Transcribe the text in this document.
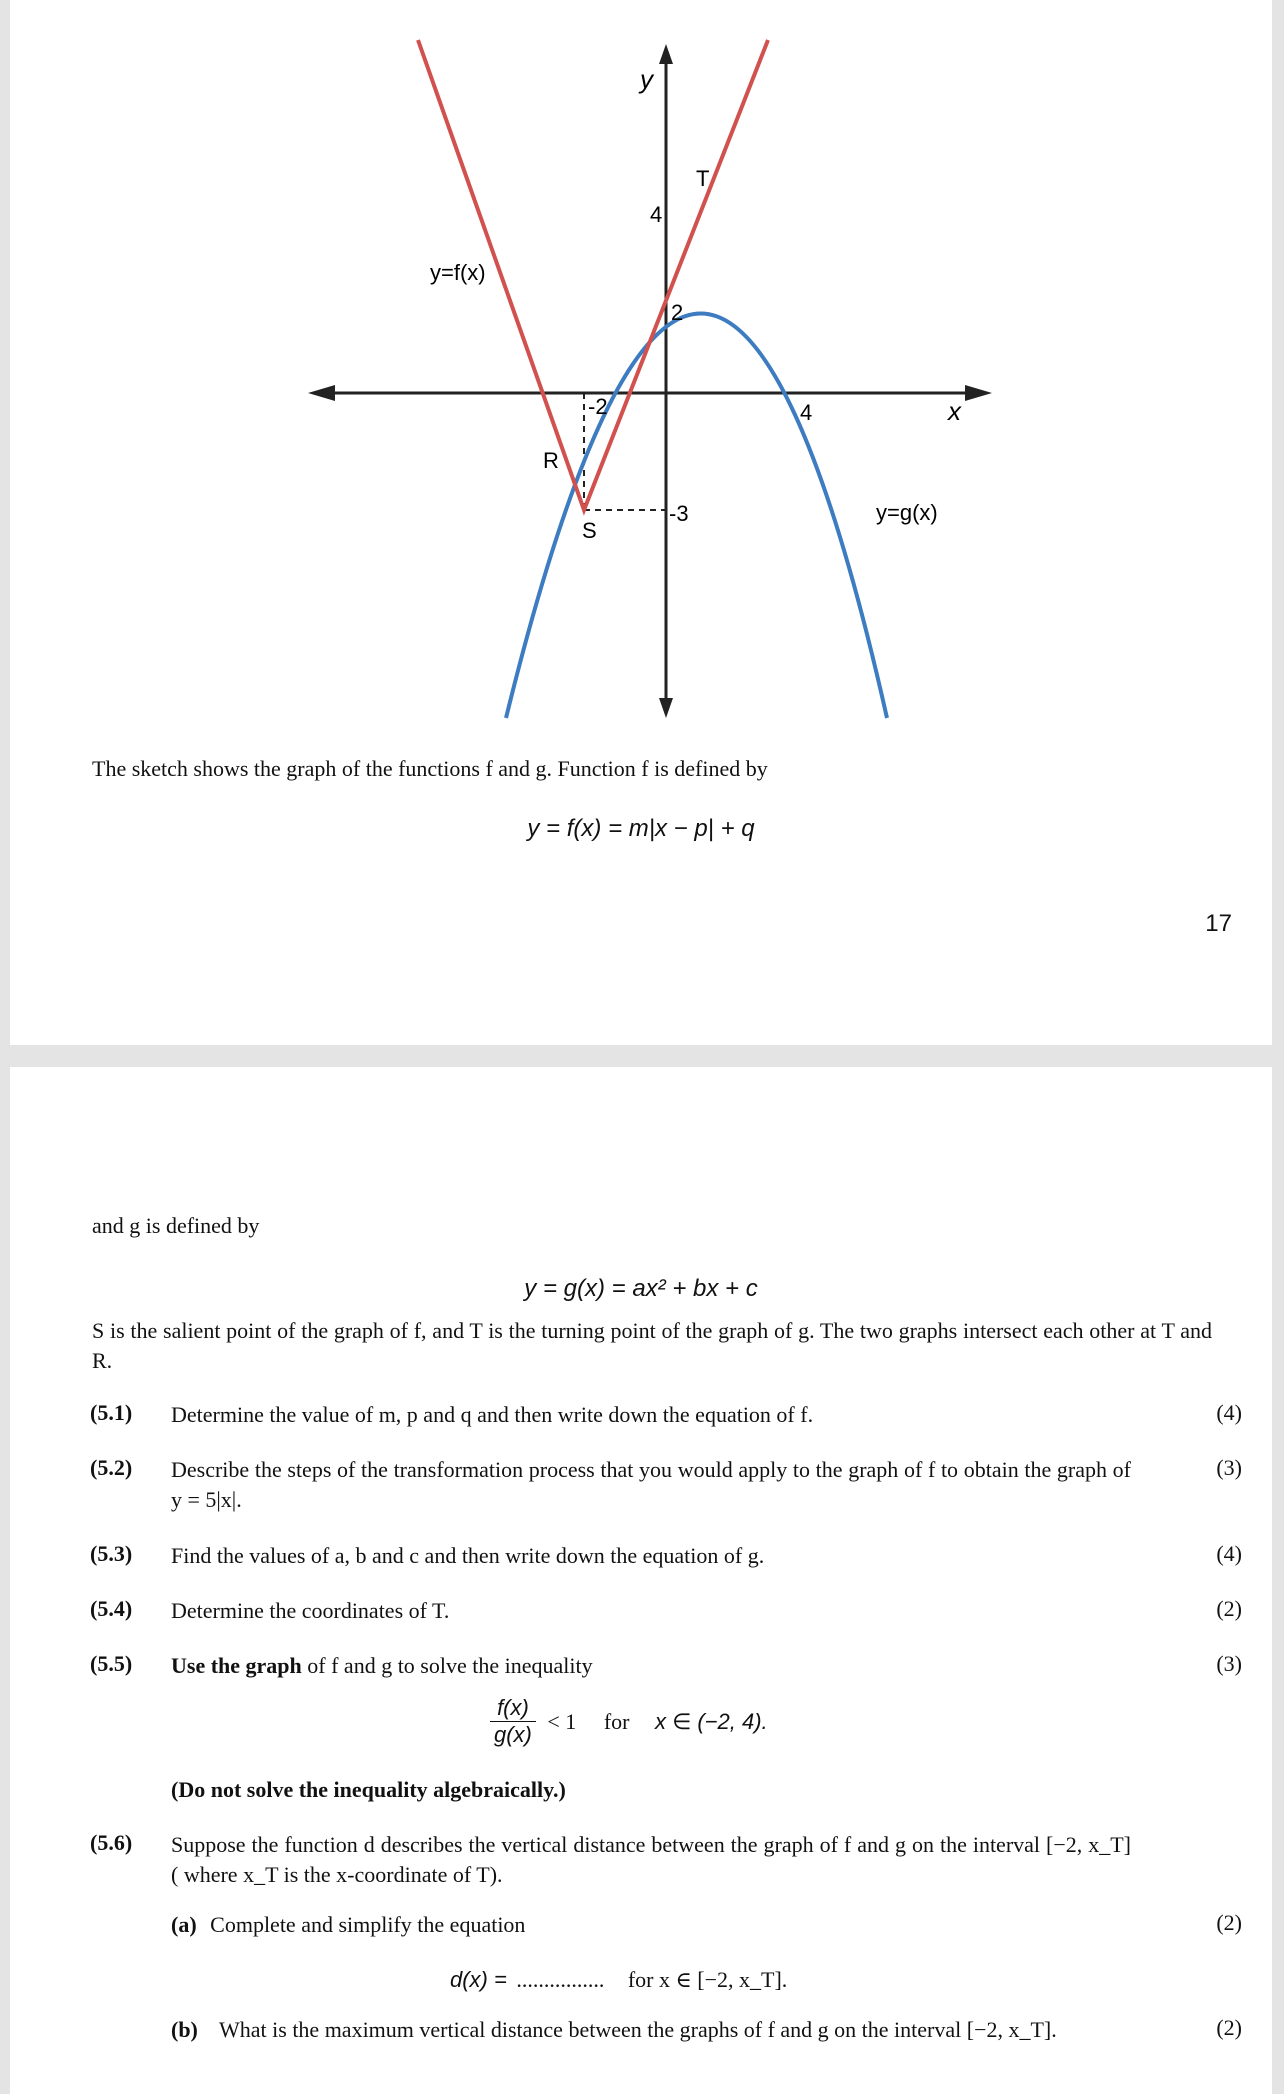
y
x
4
2
-2	4
-3
T
R
S
y=f(x)
y=g(x)
The sketch shows the graph of the functions f and g. Function f is defined by
y = f(x) = m|x − p| + q
17
and g is defined by
y = g(x) = ax² + bx + c
S is the salient point of the graph of f, and T is the turning point of the graph of g. The two graphs intersect each other at T and R.
(5.1) Determine the value of m, p and q and then write down the equation of f.	(4)
(5.2) Describe the steps of the transformation process that you would apply to the graph of f to obtain the graph of y = 5|x|.
(3)
(5.3) Find the values of a, b and c and then write down the equation of g.	(4)
(5.4) Determine the coordinates of T.	(2)
(5.5) Use the graph of f and g to solve the inequality	(3)
$\frac{f(x)}{g(x)} < 1$ for x ∈ (−2, 4).
(Do not solve the inequality algebraically.)
(5.6) Suppose the function d describes the vertical distance between the graph of f and g on the interval [−2, x_T] ( where x_T is the x-coordinate of T).
(a) Complete and simplify the equation	(2)
d(x) = ................ for x ∈ [−2, x_T].
(b) What is the maximum vertical distance between the graphs of f and g on the interval [−2, x_T].	(2)
